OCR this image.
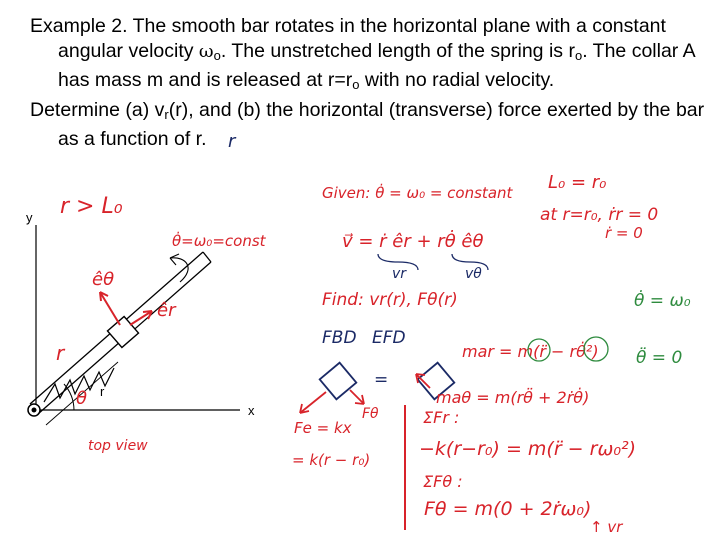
Example 2. The smooth bar rotates in the horizontal plane with a constant angular velocity $\omega_o$. The unstretched length of the spring is $r_o$. The collar A has mass m and is released at $r=r_o$ with no radial velocity.

Determine (a) $v_r(r)$, and (b) the horizontal (transverse) force exerted by the bar as a function of r.

y
x
r
r > L₀
r
θ̇=ω₀=const
êθ
êr
r
θ
top view
Given: θ̇ = ω₀ = constant L₀ = r₀
at r=r₀, ṙr = 0
ṙ = 0
v⃗ = ṙ êr + rθ̇ êθ
vr	vθ
Find: vr(r), Fθ(r)	θ̇ = ω₀
FBD EFD
mar = m(r̈ − rθ̇²) θ̈ = 0
=
maθ = m(rθ̈ + 2ṙθ̇)
Fe = kx
= k(r − r₀)
Fθ	ΣFr :
−k(r−r₀) = m(r̈ − rω₀²)
ΣFθ :
Fθ = m(0 + 2ṙω₀)
↑ vr
